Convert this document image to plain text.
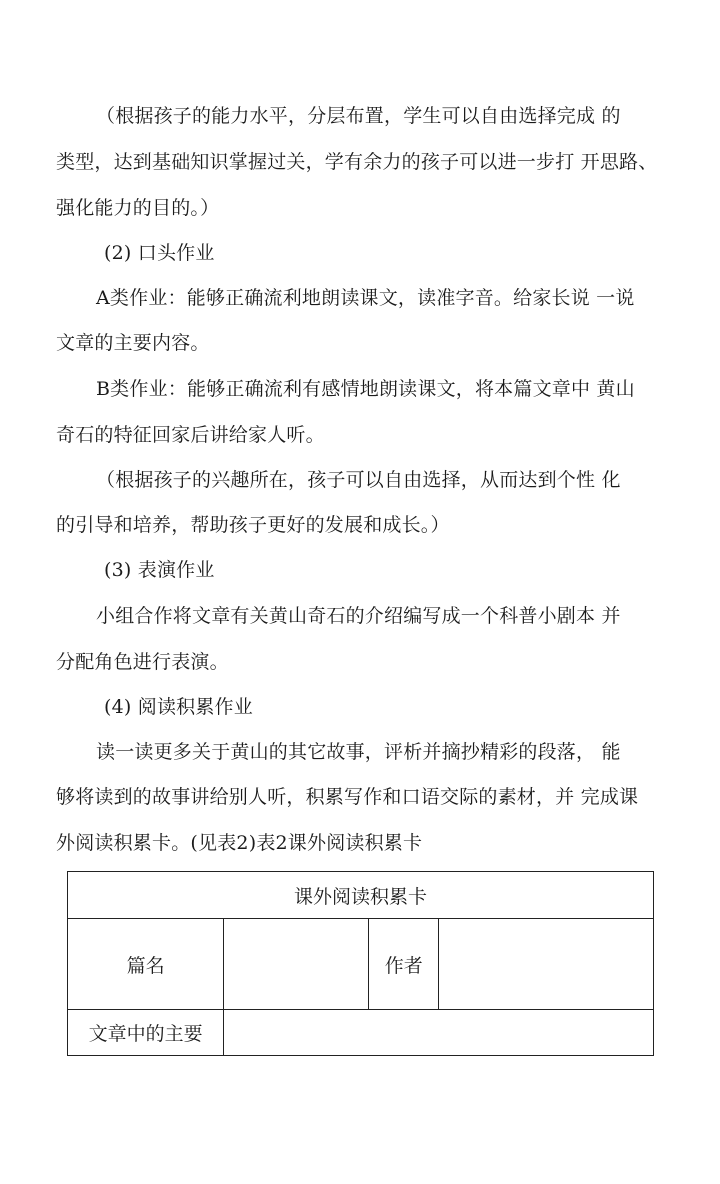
（根据孩子的能力水平，分层布置，学生可以自由选择完成 的
类型，达到基础知识掌握过关，学有余力的孩子可以进一步打 开思路、
强化能力的目的。）
(2) 口头作业
A类作业：能够正确流利地朗读课文，读准字音。给家长说 一说
文章的主要内容。
B类作业：能够正确流利有感情地朗读课文，将本篇文章中 黄山
奇石的特征回家后讲给家人听。
（根据孩子的兴趣所在，孩子可以自由选择，从而达到个性 化
的引导和培养，帮助孩子更好的发展和成长。）
(3) 表演作业
小组合作将文章有关黄山奇石的介绍编写成一个科普小剧本 并
分配角色进行表演。
(4) 阅读积累作业
读一读更多关于黄山的其它故事，评析并摘抄精彩的段落， 能
够将读到的故事讲给别人听，积累写作和口语交际的素材，并 完成课
外阅读积累卡。(见表2)表2课外阅读积累卡
课外阅读积累卡			
篇名		作者	
文章中的主要			
